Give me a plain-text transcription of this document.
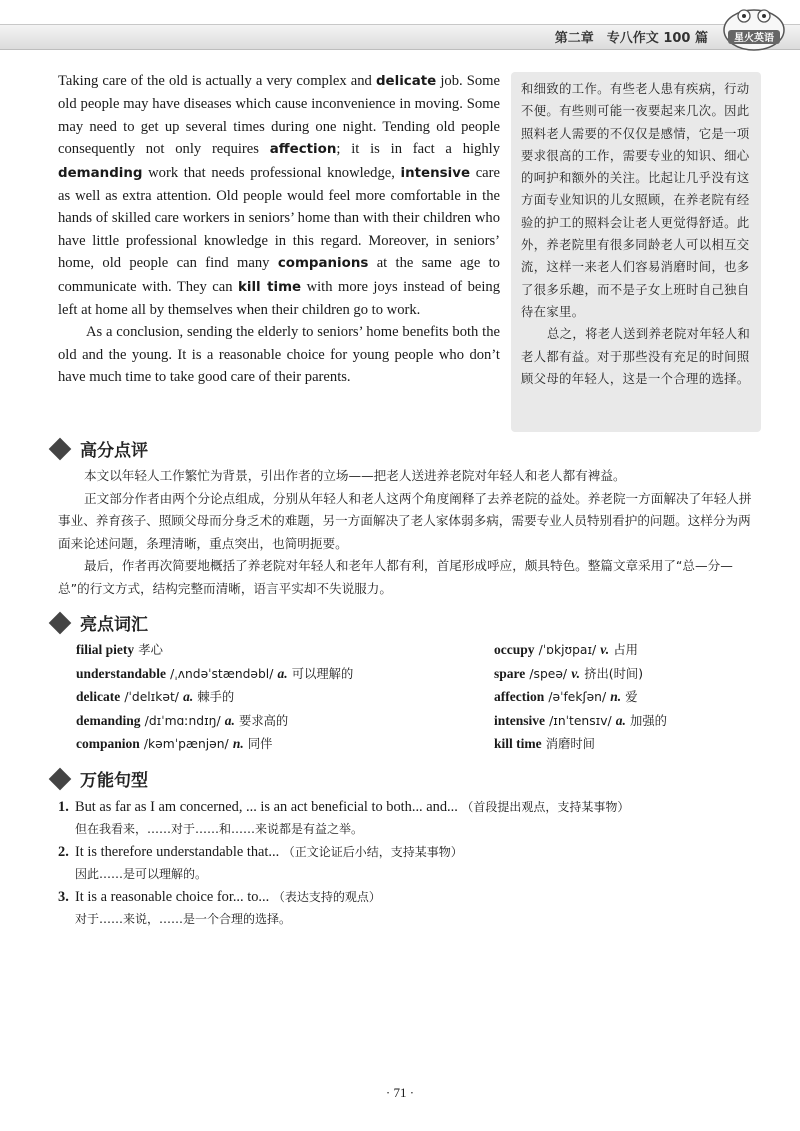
第二章　专八作文 100 篇	星火英语

Taking care of the old is actually a very complex and delicate job. Some old people may have diseases which cause inconvenience in moving. Some may need to get up several times during one night. Tending old people consequently not only requires affection; it is in fact a highly demanding work that needs professional knowledge, intensive care as well as extra attention. Old people would feel more comfortable in the hands of skilled care workers in seniors’ home than with their children who have little professional knowledge in this regard. Moreover, in seniors’ home, old people can find many companions at the same age to communicate with. They can kill time with more joys instead of being left at home all by themselves when their children go to work.

As a conclusion, sending the elderly to seniors’ home benefits both the old and the young. It is a reasonable choice for young people who don’t have much time to take good care of their parents.

和细致的工作。有些老人患有疾病，行动不便。有些则可能一夜要起来几次。因此照料老人需要的不仅仅是感情，它是一项要求很高的工作，需要专业的知识、细心的呵护和额外的关注。比起让几乎没有这方面专业知识的儿女照顾，在养老院有经验的护工的照料会让老人更觉得舒适。此外，养老院里有很多同龄老人可以相互交流，这样一来老人们容易消磨时间，也多了很多乐趣，而不是子女上班时自己独自待在家里。

总之，将老人送到养老院对年轻人和老人都有益。对于那些没有充足的时间照顾父母的年轻人，这是一个合理的选择。

高分点评

本文以年轻人工作繁忙为背景，引出作者的立场——把老人送进养老院对年轻人和老人都有裨益。

正文部分作者由两个分论点组成，分别从年轻人和老人这两个角度阐释了去养老院的益处。养老院一方面解决了年轻人拼事业、养育孩子、照顾父母而分身乏术的难题，另一方面解决了老人家体弱多病，需要专业人员特别看护的问题。这样分为两面来论述问题，条理清晰，重点突出，也简明扼要。

最后，作者再次简要地概括了养老院对年轻人和老年人都有利，首尾形成呼应，颇具特色。整篇文章采用了“总—分—总”的行文方式，结构完整而清晰，语言平实却不失说服力。

亮点词汇
filial piety 孝心
understandable /ˌʌndəˈstændəbl/ a. 可以理解的
delicate /ˈdelɪkət/ a. 棘手的
demanding /dɪˈmɑːndɪŋ/ a. 要求高的
companion /kəmˈpænjən/ n. 同伴
occupy /ˈɒkjʊpaɪ/ v. 占用
spare /speə/ v. 挤出(时间)
affection /əˈfekʃən/ n. 爱
intensive /ɪnˈtensɪv/ a. 加强的
kill time 消磨时间
万能句型
1. But as far as I am concerned, ... is an act beneficial to both... and... （首段提出观点，支持某事物）
但在我看来，……对于……和……来说都是有益之举。
2. It is therefore understandable that... （正文论证后小结，支持某事物）
因此……是可以理解的。
3. It is a reasonable choice for... to... （表达支持的观点）
对于……来说，……是一个合理的选择。
· 71 ·
